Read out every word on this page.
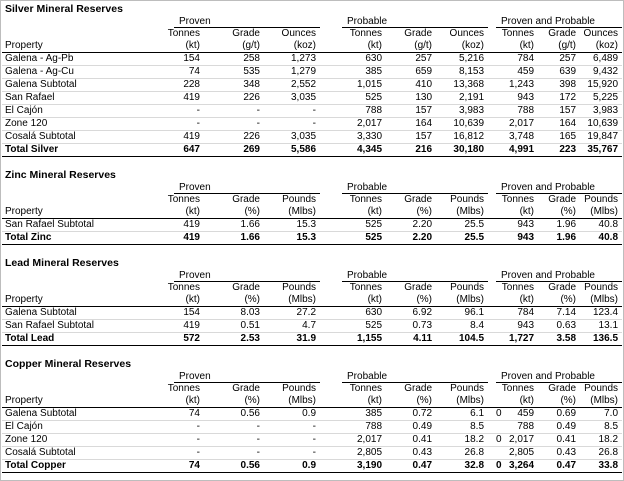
Silver Mineral Reserves

	Proven			Probable			Proven and Probable		

	Tonnes	Grade	Ounces	Tonnes	Grade	Ounces	Tonnes	Grade	Ounces
Property	(kt)	(g/t)	(koz)	(kt)	(g/t)	(koz)	(kt)	(g/t)	(koz)
Galena - Ag-Pb	154	258	1,273	630	257	5,216	784	257	6,489
Galena - Ag-Cu	74	535	1,279	385	659	8,153	459	639	9,432
Galena Subtotal	228	348	2,552	1,015	410	13,368	1,243	398	15,920
San Rafael	419	226	3,035	525	130	2,191	943	172	5,225
El Cajón	-	-	-	788	157	3,983	788	157	3,983
Zone 120	-	-	-	2,017	164	10,639	2,017	164	10,639
Cosalá Subtotal	419	226	3,035	3,330	157	16,812	3,748	165	19,847
Total Silver	647	269	5,586	4,345	216	30,180	4,991	223	35,767
Zinc Mineral Reserves

	Proven			Probable			Proven and Probable		

	Tonnes	Grade	Pounds	Tonnes	Grade	Pounds	Tonnes	Grade	Pounds
Property	(kt)	(%)	(Mlbs)	(kt)	(%)	(Mlbs)	(kt)	(%)	(Mlbs)
San Rafael Subtotal	419	1.66	15.3	525	2.20	25.5	943	1.96	40.8
Total Zinc	419	1.66	15.3	525	2.20	25.5	943	1.96	40.8
Lead Mineral Reserves

	Proven			Probable			Proven and Probable		

	Tonnes	Grade	Pounds	Tonnes	Grade	Pounds	Tonnes	Grade	Pounds
Property	(kt)	(%)	(Mlbs)	(kt)	(%)	(Mlbs)	(kt)	(%)	(Mlbs)
Galena Subtotal	154	8.03	27.2	630	6.92	96.1	784	7.14	123.4
San Rafael Subtotal	419	0.51	4.7	525	0.73	8.4	943	0.63	13.1
Total Lead	572	2.53	31.9	1,155	4.11	104.5	1,727	3.58	136.5
Copper Mineral Reserves

	Proven			Probable			Proven and Probable		

	Tonnes	Grade	Pounds	Tonnes	Grade	Pounds	Tonnes	Grade	Pounds
Property	(kt)	(%)	(Mlbs)	(kt)	(%)	(Mlbs)	(kt)	(%)	(Mlbs)
Galena Subtotal	74	0.56	0.9	385	0.72	6.1	0 459	0.69	7.0
El Cajón	-	-	-	788	0.49	8.5	788	0.49	8.5
Zone 120	-	-	-	2,017	0.41	18.2	0 2,017	0.41	18.2
Cosalá Subtotal	-	-	-	2,805	0.43	26.8	2,805	0.43	26.8
Total Copper	74	0.56	0.9	3,190	0.47	32.8	0 3,264	0.47	33.8
